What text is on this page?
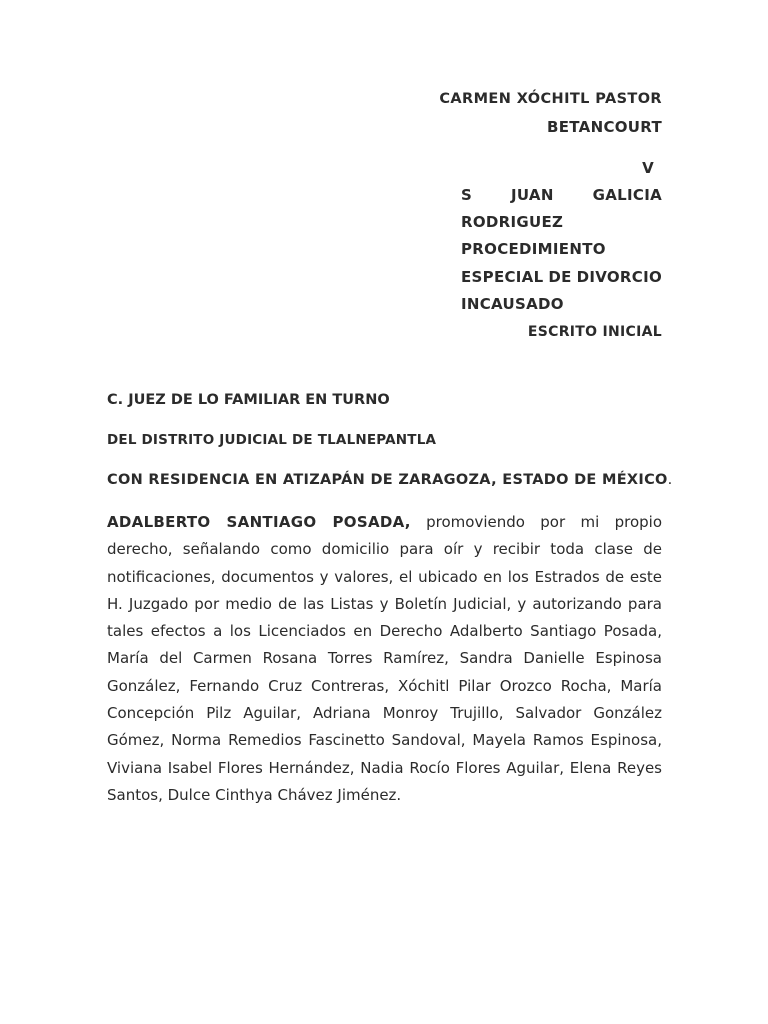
CARMEN XÓCHITL PASTOR
BETANCOURT
V
S	JUAN	GALICIA
RODRIGUEZ
PROCEDIMIENTO
ESPECIAL DE DIVORCIO
INCAUSADO
ESCRITO INICIAL
C. JUEZ DE LO FAMILIAR EN TURNO
DEL DISTRITO JUDICIAL DE TLALNEPANTLA
CON RESIDENCIA EN ATIZAPÁN DE ZARAGOZA, ESTADO DE MÉXICO.

ADALBERTO SANTIAGO POSADA, promoviendo por mi propio derecho, señalando como domicilio para oír y recibir toda clase de notificaciones, documentos y valores, el ubicado en los Estrados de este H. Juzgado por medio de las Listas y Boletín Judicial, y autorizando para tales efectos a los Licenciados en Derecho Adalberto Santiago Posada, María del Carmen Rosana Torres Ramírez, Sandra Danielle Espinosa González, Fernando Cruz Contreras, Xóchitl Pilar Orozco Rocha, María Concepción Pilz Aguilar, Adriana Monroy Trujillo, Salvador González Gómez, Norma Remedios Fascinetto Sandoval, Mayela Ramos Espinosa, Viviana Isabel Flores Hernández, Nadia Rocío Flores Aguilar, Elena Reyes Santos, Dulce Cinthya Chávez Jiménez.
